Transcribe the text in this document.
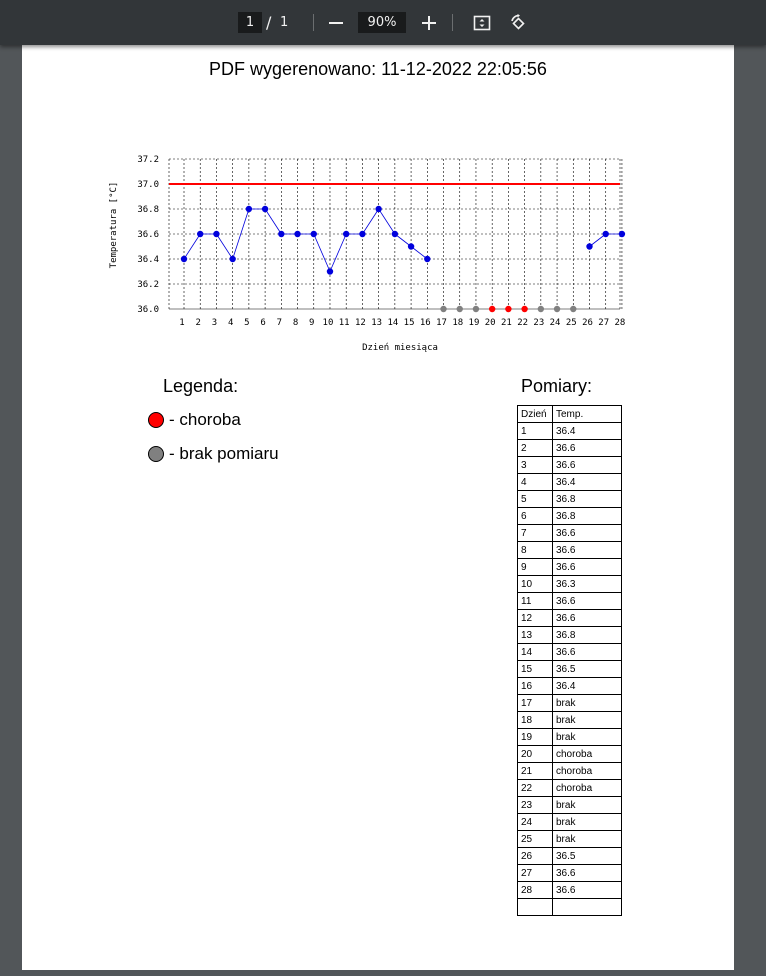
1 / 1	90%
PDF wygerenowano: 11-12-2022 22:05:56
36.0
36.2
36.4
36.6
36.8
37.0
37.2
1 2 3 4 5 6 7 8 9 10 11 12 13 14 15 16 17 18 19 20 21 22 23 24 25 26 27 28
Dzień miesiąca
Temperatura [°C]
Legenda:
- choroba
- brak pomiaru
Pomiary:
Dzień	Temp.
1	36.4
2	36.6
3	36.6
4	36.4
5	36.8
6	36.8
7	36.6
8	36.6
9	36.6
10	36.3
11	36.6
12	36.6
13	36.8
14	36.6
15	36.5
16	36.4
17	brak
18	brak
19	brak
20	choroba
21	choroba
22	choroba
23	brak
24	brak
25	brak
26	36.5
27	36.6
28	36.6
